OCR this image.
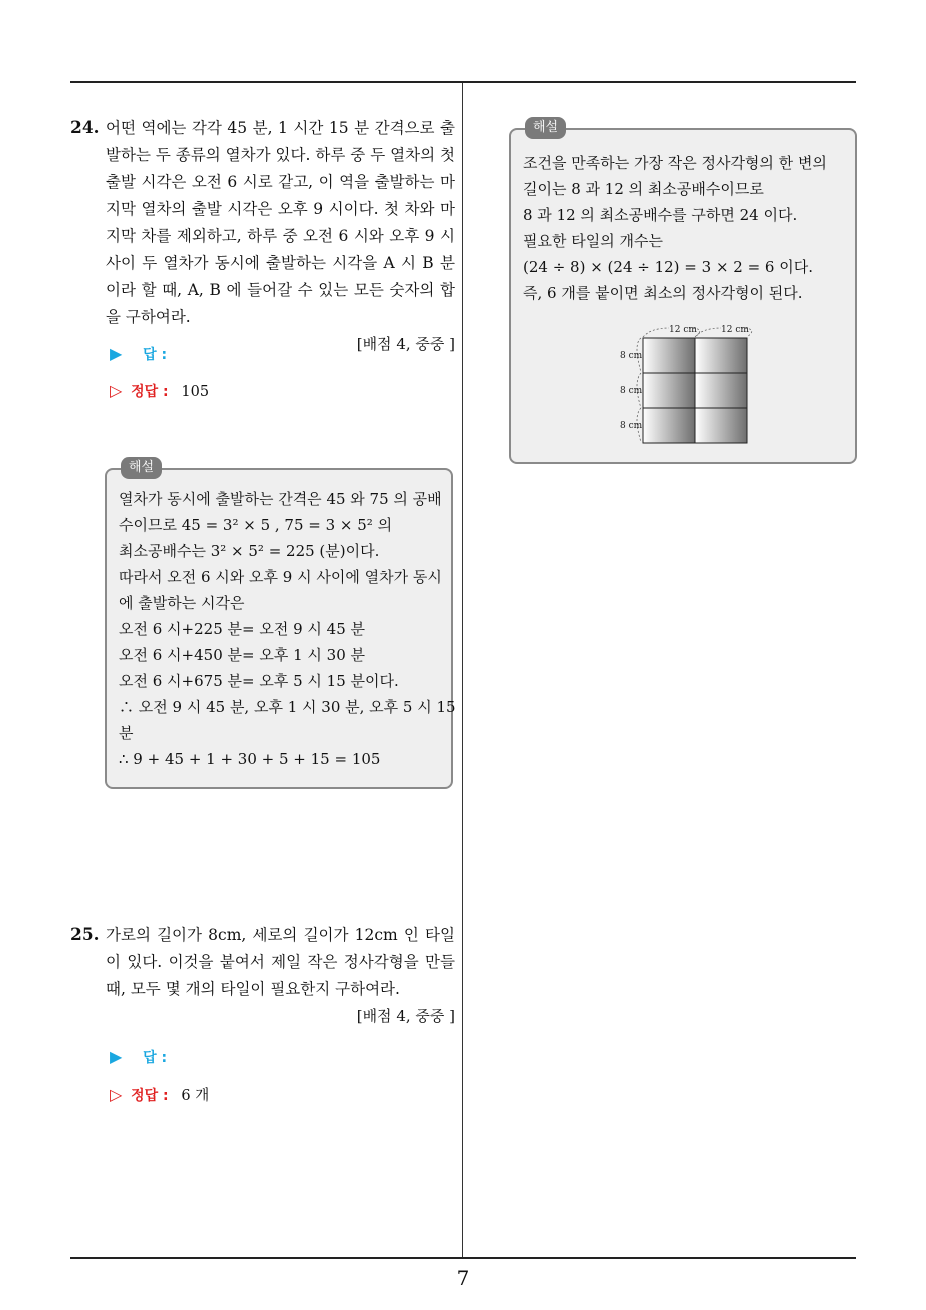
24. 어떤 역에는 각각 45 분, 1 시간 15 분 간격으로 출발하는 두 종류의 열차가 있다. 하루 중 두 열차의 첫 출발 시각은 오전 6 시로 같고, 이 역을 출발하는 마지막 열차의 출발 시각은 오후 9 시이다. 첫 차와 마지막 차를 제외하고, 하루 중 오전 6 시와 오후 9 시 사이 두 열차가 동시에 출발하는 시각을 A 시 B 분이라 할 때, A, B 에 들어갈 수 있는 모든 숫자의 합을 구하여라.
[배점 4, 중중 ]
▶ 답 :
▷ 정답 : 105
해설
열차가 동시에 출발하는 간격은 45 와 75 의 공배
수이므로 45 = 3² × 5 , 75 = 3 × 5² 의
최소공배수는 3² × 5² = 225 (분)이다.
따라서 오전 6 시와 오후 9 시 사이에 열차가 동시
에 출발하는 시각은
오전 6 시+225 분= 오전 9 시 45 분
오전 6 시+450 분= 오후 1 시 30 분
오전 6 시+675 분= 오후 5 시 15 분이다.
∴ 오전 9 시 45 분, 오후 1 시 30 분, 오후 5 시 15
분
∴ 9 + 45 + 1 + 30 + 5 + 15 = 105
25. 가로의 길이가 8cm, 세로의 길이가 12cm 인 타일이 있다. 이것을 붙여서 제일 작은 정사각형을 만들 때, 모두 몇 개의 타일이 필요한지 구하여라.
[배점 4, 중중 ]
▶ 답 :
▷ 정답 : 6 개
해설
조건을 만족하는 가장 작은 정사각형의 한 변의
길이는 8 과 12 의 최소공배수이므로
8 과 12 의 최소공배수를 구하면 24 이다.
필요한 타일의 개수는
(24 ÷ 8) × (24 ÷ 12) = 3 × 2 = 6 이다.
즉, 6 개를 붙이면 최소의 정사각형이 된다.
12 cm	12 cm
8 cm
8 cm
8 cm
7
